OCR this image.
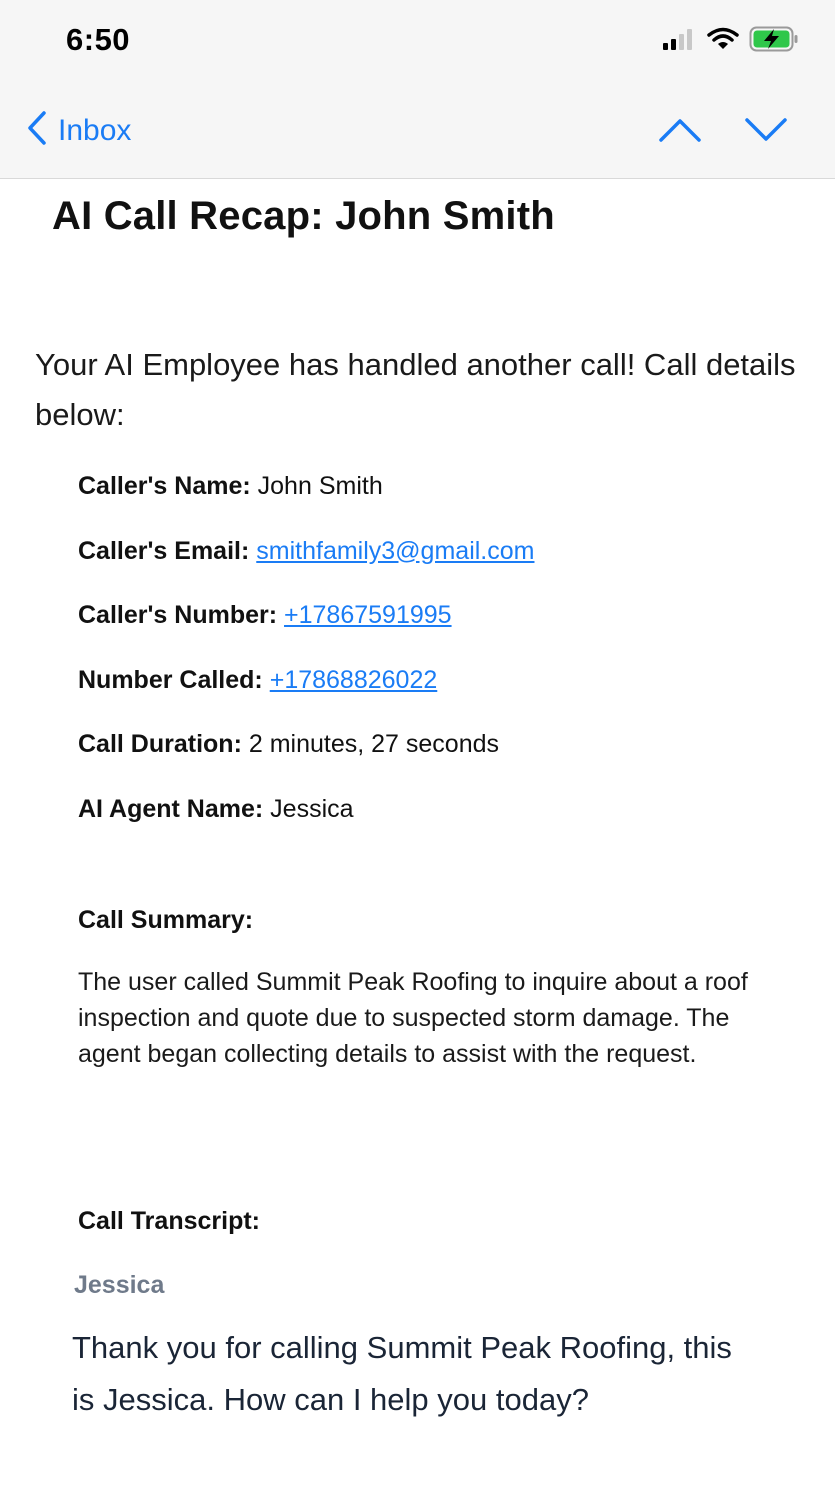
6:50
Inbox
AI Call Recap: John Smith
Your AI Employee has handled another call! Call details below:
Caller's Name: John Smith
Caller's Email: smithfamily3@gmail.com
Caller's Number: +17867591995
Number Called: +17868826022
Call Duration: 2 minutes, 27 seconds
AI Agent Name: Jessica
Call Summary:
The user called Summit Peak Roofing to inquire about a roof inspection and quote due to suspected storm damage. The agent began collecting details to assist with the request.
Call Transcript:
Jessica
Thank you for calling Summit Peak Roofing, this is Jessica. How can I help you today?
